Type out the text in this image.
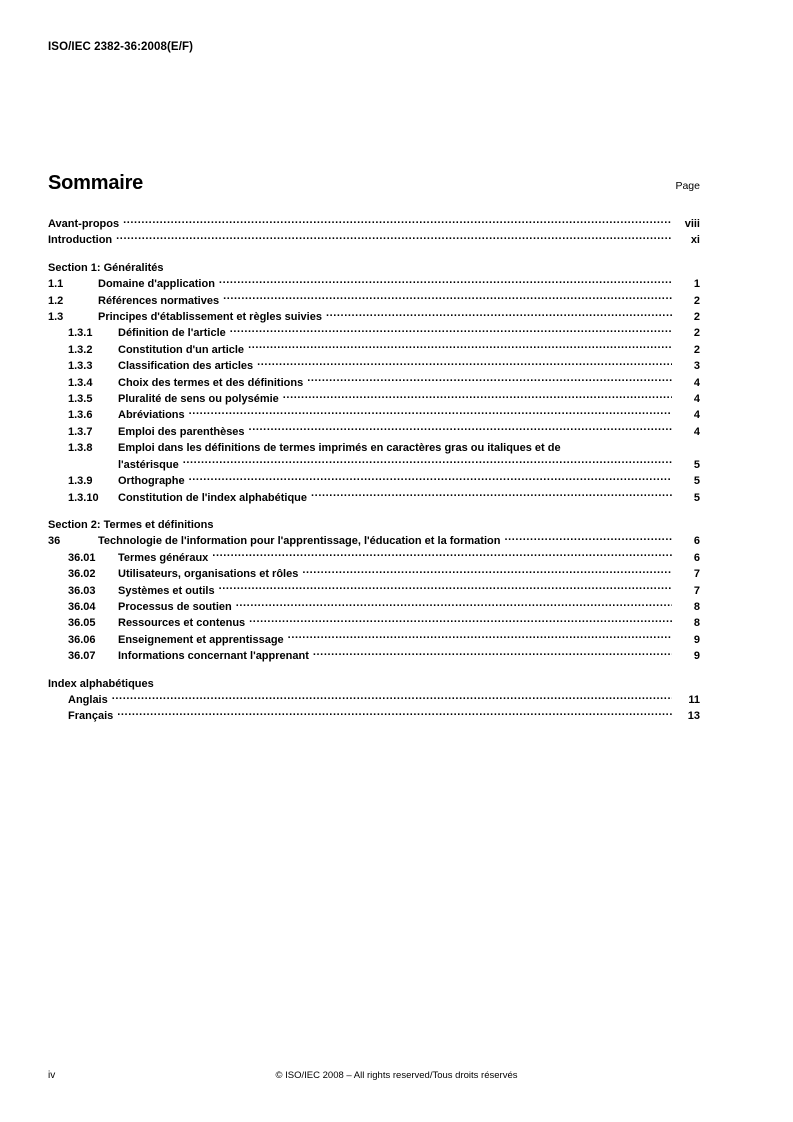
ISO/IEC 2382-36:2008(E/F)
Sommaire	Page
Avant-propos .....	viii
Introduction .....	xi
Section 1: Généralités
1.1	Domaine d'application .....	1
1.2	Références normatives .....	2
1.3	Principes d'établissement et règles suivies .....	2
1.3.1	Définition de l'article .....	2
1.3.2	Constitution d'un article .....	2
1.3.3	Classification des articles .....	3
1.3.4	Choix des termes et des définitions .....	4
1.3.5	Pluralité de sens ou polysémie .....	4
1.3.6	Abréviations .....	4
1.3.7	Emploi des parenthèses .....	4
1.3.8	Emploi dans les définitions de termes imprimés en caractères gras ou italiques et de
l'astérisque .....	5
1.3.9	Orthographe .....	5
1.3.10	Constitution de l'index alphabétique .....	5
Section 2: Termes et définitions
36	Technologie de l'information pour l'apprentissage, l'éducation et la formation .....	6
36.01	Termes généraux .....	6
36.02	Utilisateurs, organisations et rôles .....	7
36.03	Systèmes et outils .....	7
36.04	Processus de soutien .....	8
36.05	Ressources et contenus .....	8
36.06	Enseignement et apprentissage .....	9
36.07	Informations concernant l'apprenant .....	9
Index alphabétiques
Anglais .....	11
Français .....	13
iv	© ISO/IEC 2008 – All rights reserved/Tous droits réservés
